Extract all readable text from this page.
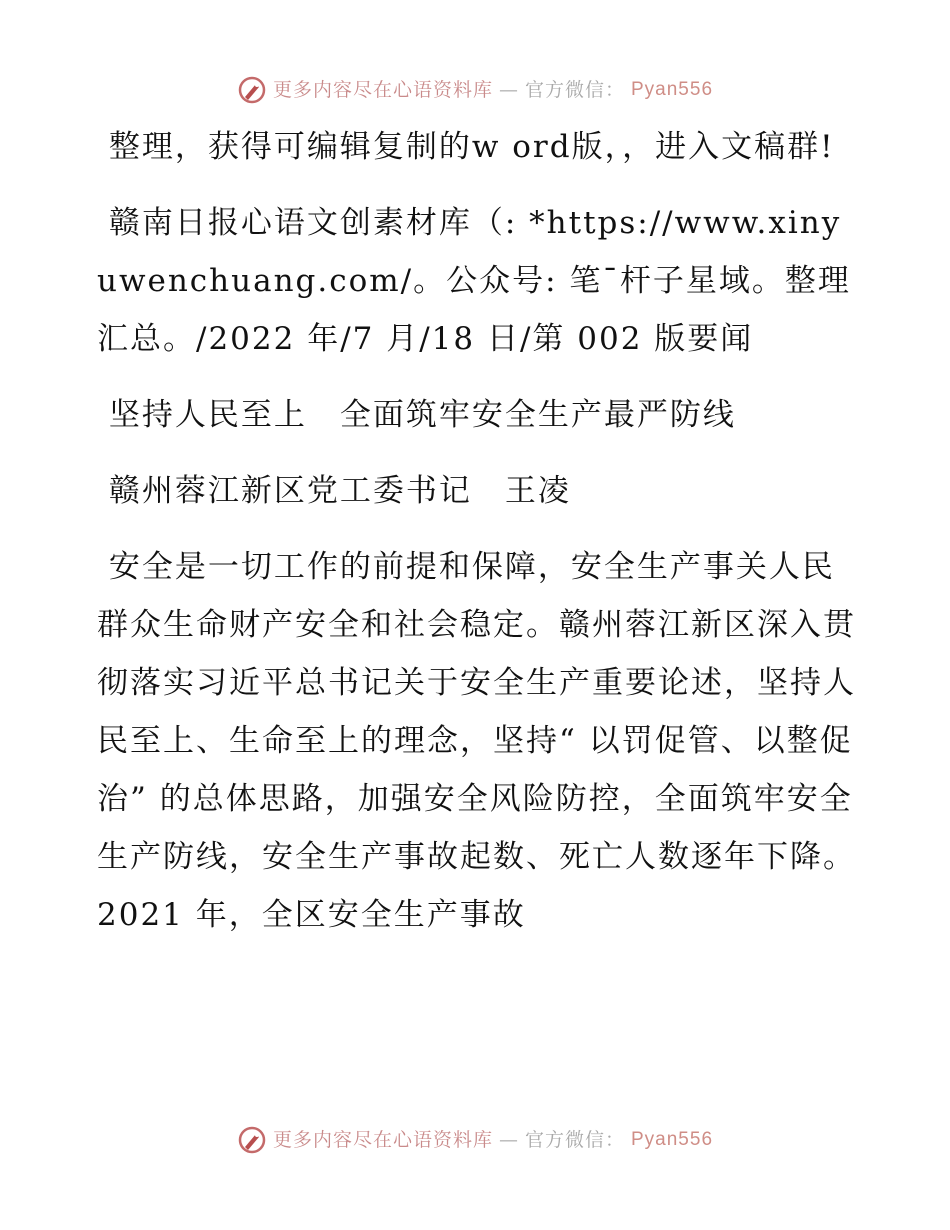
更多内容尽在心语资料库 — 官方微信： Pyan556

整理，获得可编辑复制的w ord版，，进入文稿群!

赣南日报心语文创素材库（: *https://www.xinyuwenchuang.com/。公众号: 笔¯杆子星域。整理汇总。/2022 年/7 月/18 日/第 002 版要闻

坚持人民至上　全面筑牢安全生产最严防线

赣州蓉江新区党工委书记　王凌

安全是一切工作的前提和保障，安全生产事关人民群众生命财产安全和社会稳定。赣州蓉江新区深入贯彻落实习近平总书记关于安全生产重要论述，坚持人民至上、生命至上的理念，坚持“ 以罚促管、以整促治” 的总体思路，加强安全风险防控，全面筑牢安全生产防线，安全生产事故起数、死亡人数逐年下降。2021 年，全区安全生产事故

更多内容尽在心语资料库 — 官方微信： Pyan556
